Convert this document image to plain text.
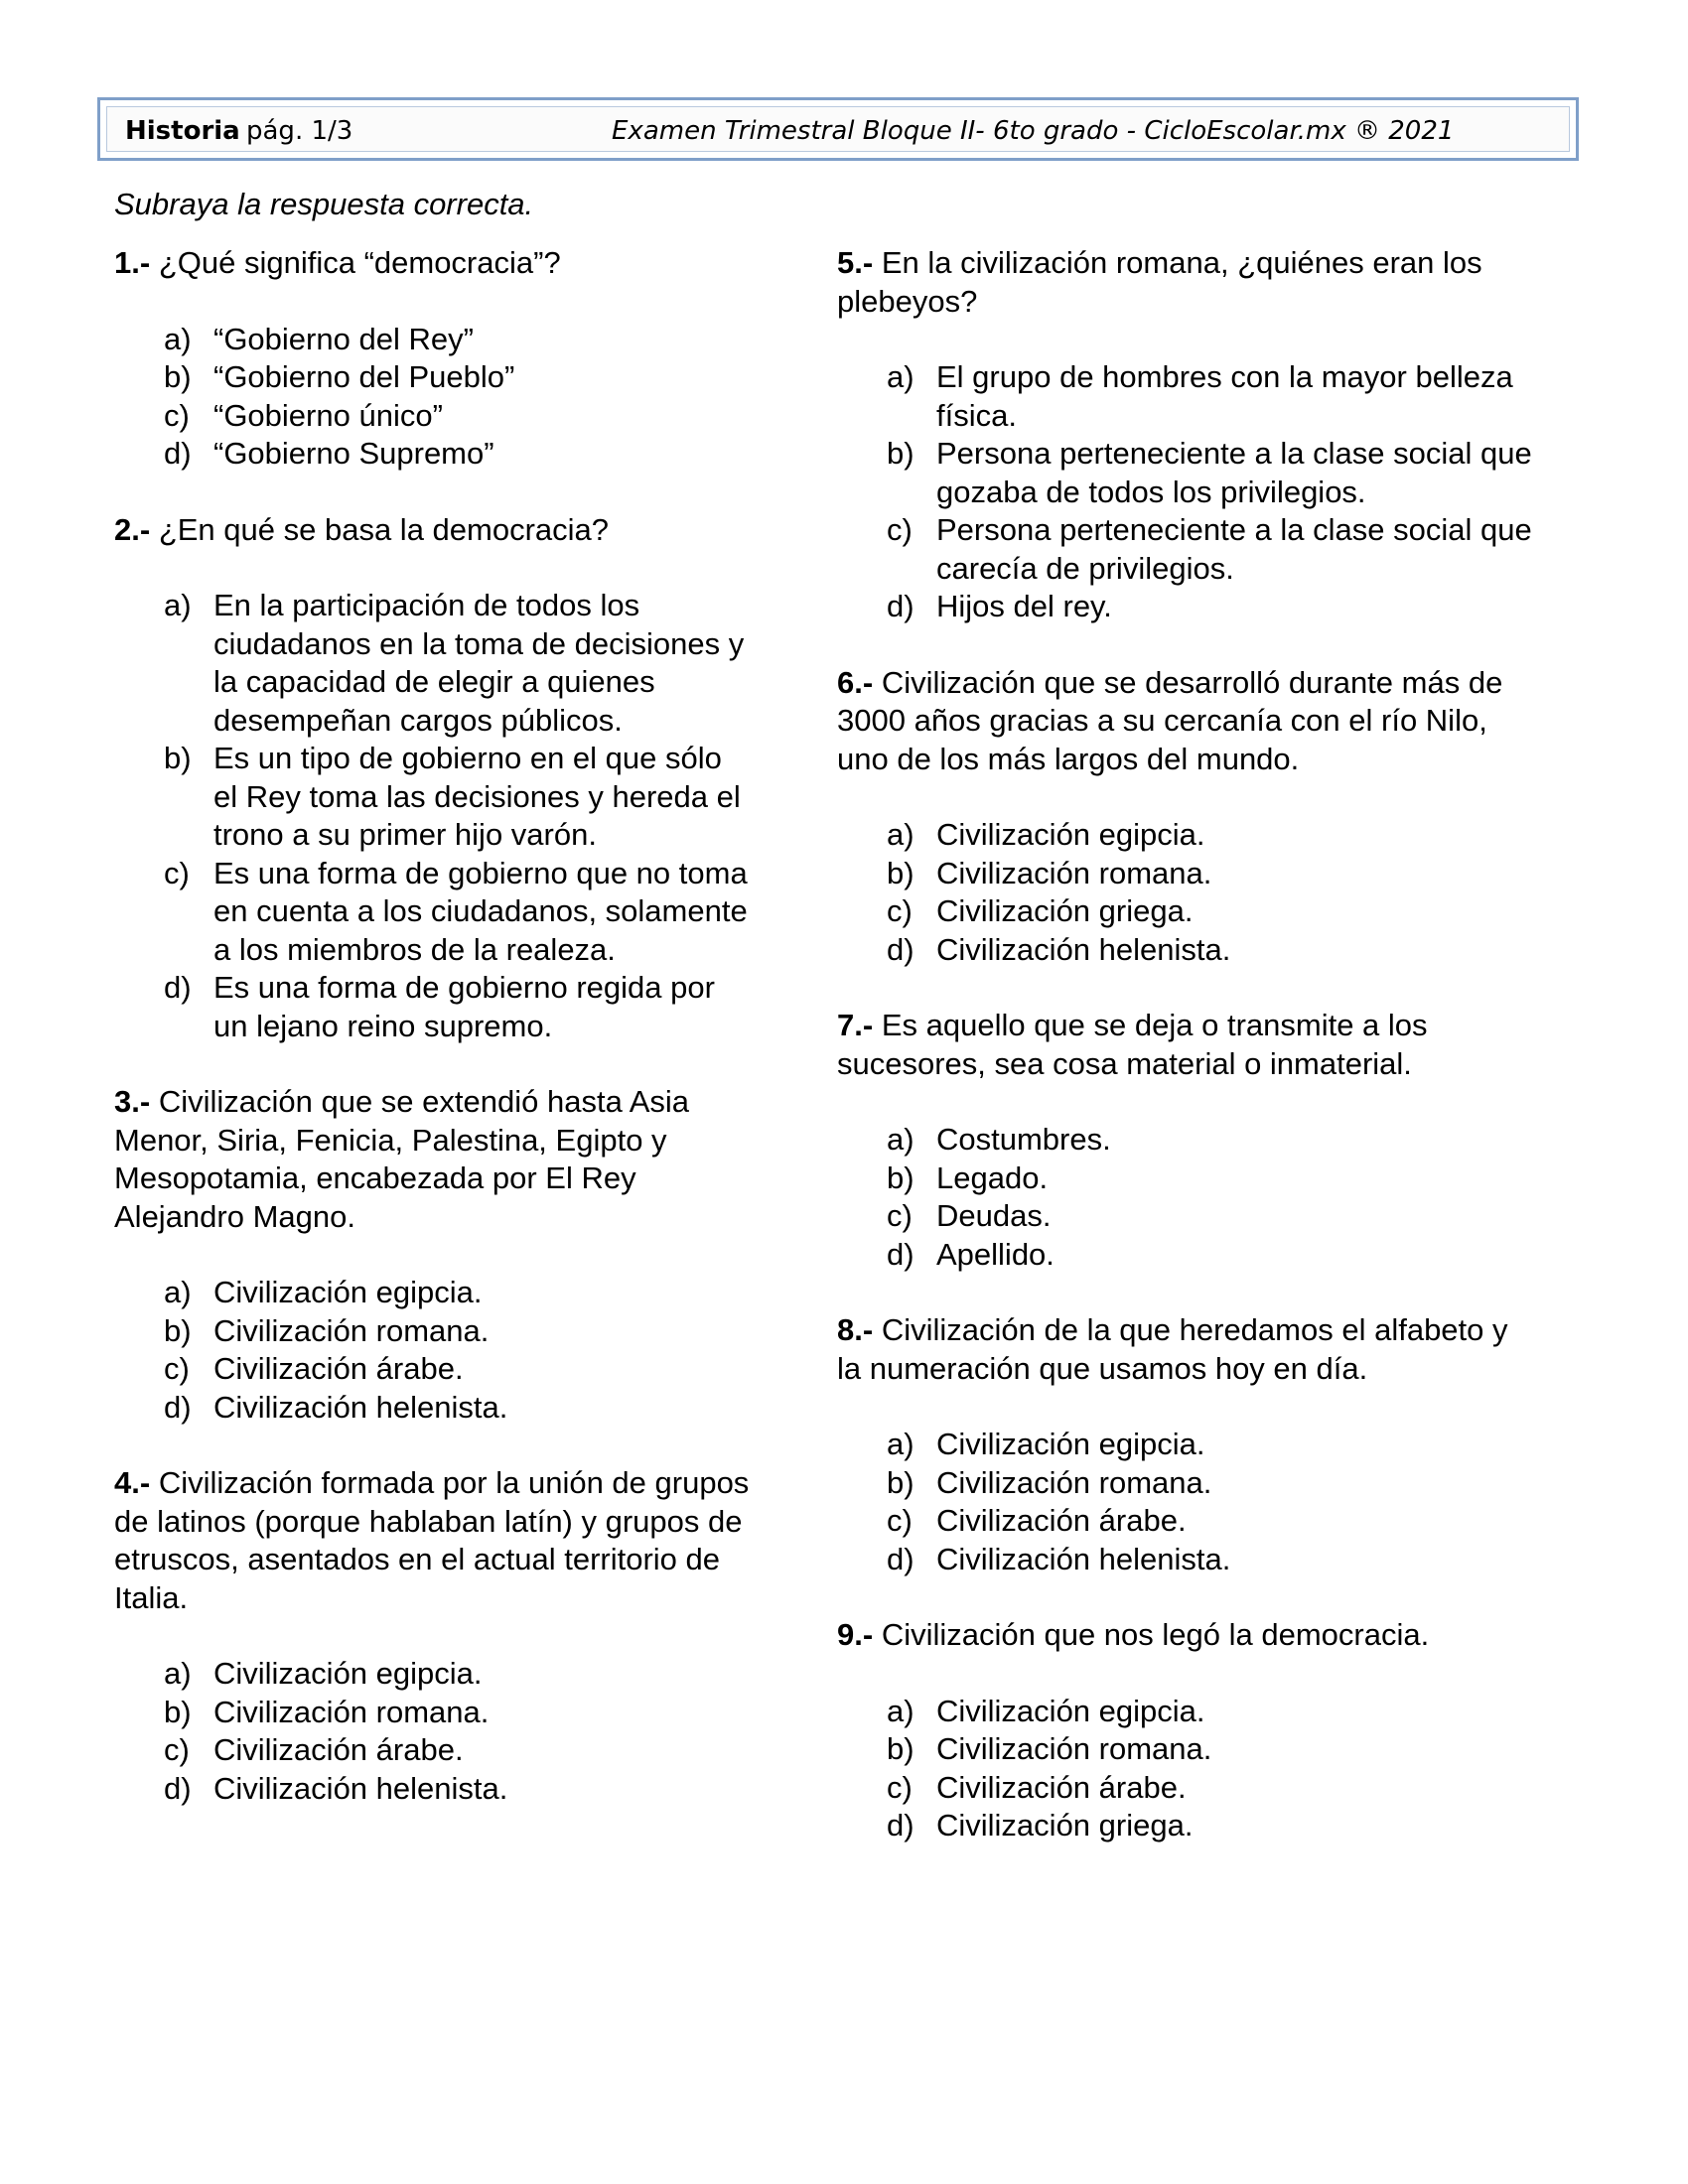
Historia pág. 1/3	Examen Trimestral Bloque II- 6to grado - CicloEscolar.mx ® 2021
Subraya la respuesta correcta.

1.- ¿Qué significa “democracia”?

a) “Gobierno del Rey”
b) “Gobierno del Pueblo”
c) “Gobierno único”
d) “Gobierno Supremo”

2.- ¿En qué se basa la democracia?

a) En la participación de todos los ciudadanos en la toma de decisiones y la capacidad de elegir a quienes desempeñan cargos públicos.
b) Es un tipo de gobierno en el que sólo el Rey toma las decisiones y hereda el trono a su primer hijo varón.
c) Es una forma de gobierno que no toma en cuenta a los ciudadanos, solamente a los miembros de la realeza.
d) Es una forma de gobierno regida por un lejano reino supremo.

3.- Civilización que se extendió hasta Asia Menor, Siria, Fenicia, Palestina, Egipto y Mesopotamia, encabezada por El Rey Alejandro Magno.

a) Civilización egipcia.
b) Civilización romana.
c) Civilización árabe.
d) Civilización helenista.

4.- Civilización formada por la unión de grupos de latinos (porque hablaban latín) y grupos de etruscos, asentados en el actual territorio de Italia.

a) Civilización egipcia.
b) Civilización romana.
c) Civilización árabe.
d) Civilización helenista.

5.- En la civilización romana, ¿quiénes eran los plebeyos?

a) El grupo de hombres con la mayor belleza física.
b) Persona perteneciente a la clase social que gozaba de todos los privilegios.
c) Persona perteneciente a la clase social que carecía de privilegios.
d) Hijos del rey.

6.- Civilización que se desarrolló durante más de 3000 años gracias a su cercanía con el río Nilo, uno de los más largos del mundo.

a) Civilización egipcia.
b) Civilización romana.
c) Civilización griega.
d) Civilización helenista.

7.- Es aquello que se deja o transmite a los sucesores, sea cosa material o inmaterial.

a) Costumbres.
b) Legado.
c) Deudas.
d) Apellido.

8.- Civilización de la que heredamos el alfabeto y la numeración que usamos hoy en día.

a) Civilización egipcia.
b) Civilización romana.
c) Civilización árabe.
d) Civilización helenista.

9.- Civilización que nos legó la democracia.

a) Civilización egipcia.
b) Civilización romana.
c) Civilización árabe.
d) Civilización griega.
